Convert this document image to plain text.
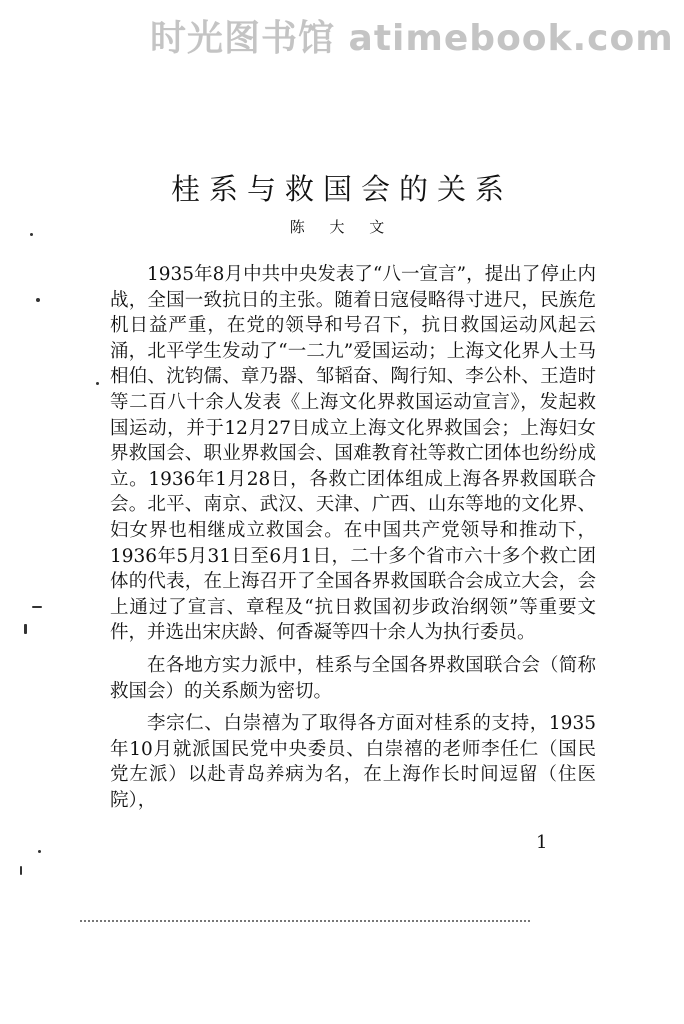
时光图书馆 atimebook.com
桂系与救国会的关系
陈 大 文

1935年8月中共中央发表了“八一宣言”，提出了停止内战，全国一致抗日的主张。随着日寇侵略得寸进尺，民族危机日益严重，在党的领导和号召下，抗日救国运动风起云涌，北平学生发动了“一二九”爱国运动；上海文化界人士马相伯、沈钧儒、章乃器、邹韬奋、陶行知、李公朴、王造时等二百八十余人发表《上海文化界救国运动宣言》，发起救国运动，并于12月27日成立上海文化界救国会；上海妇女界救国会、职业界救国会、国难教育社等救亡团体也纷纷成立。1936年1月28日，各救亡团体组成上海各界救国联合会。北平、南京、武汉、天津、广西、山东等地的文化界、妇女界也相继成立救国会。在中国共产党领导和推动下，1936年5月31日至6月1日，二十多个省市六十多个救亡团体的代表，在上海召开了全国各界救国联合会成立大会，会上通过了宣言、章程及“抗日救国初步政治纲领”等重要文件，并选出宋庆龄、何香凝等四十余人为执行委员。

在各地方实力派中，桂系与全国各界救国联合会（简称救国会）的关系颇为密切。

李宗仁、白崇禧为了取得各方面对桂系的支持，1935年10月就派国民党中央委员、白崇禧的老师李任仁（国民党左派）以赴青岛养病为名，在上海作长时间逗留（住医院），

1
